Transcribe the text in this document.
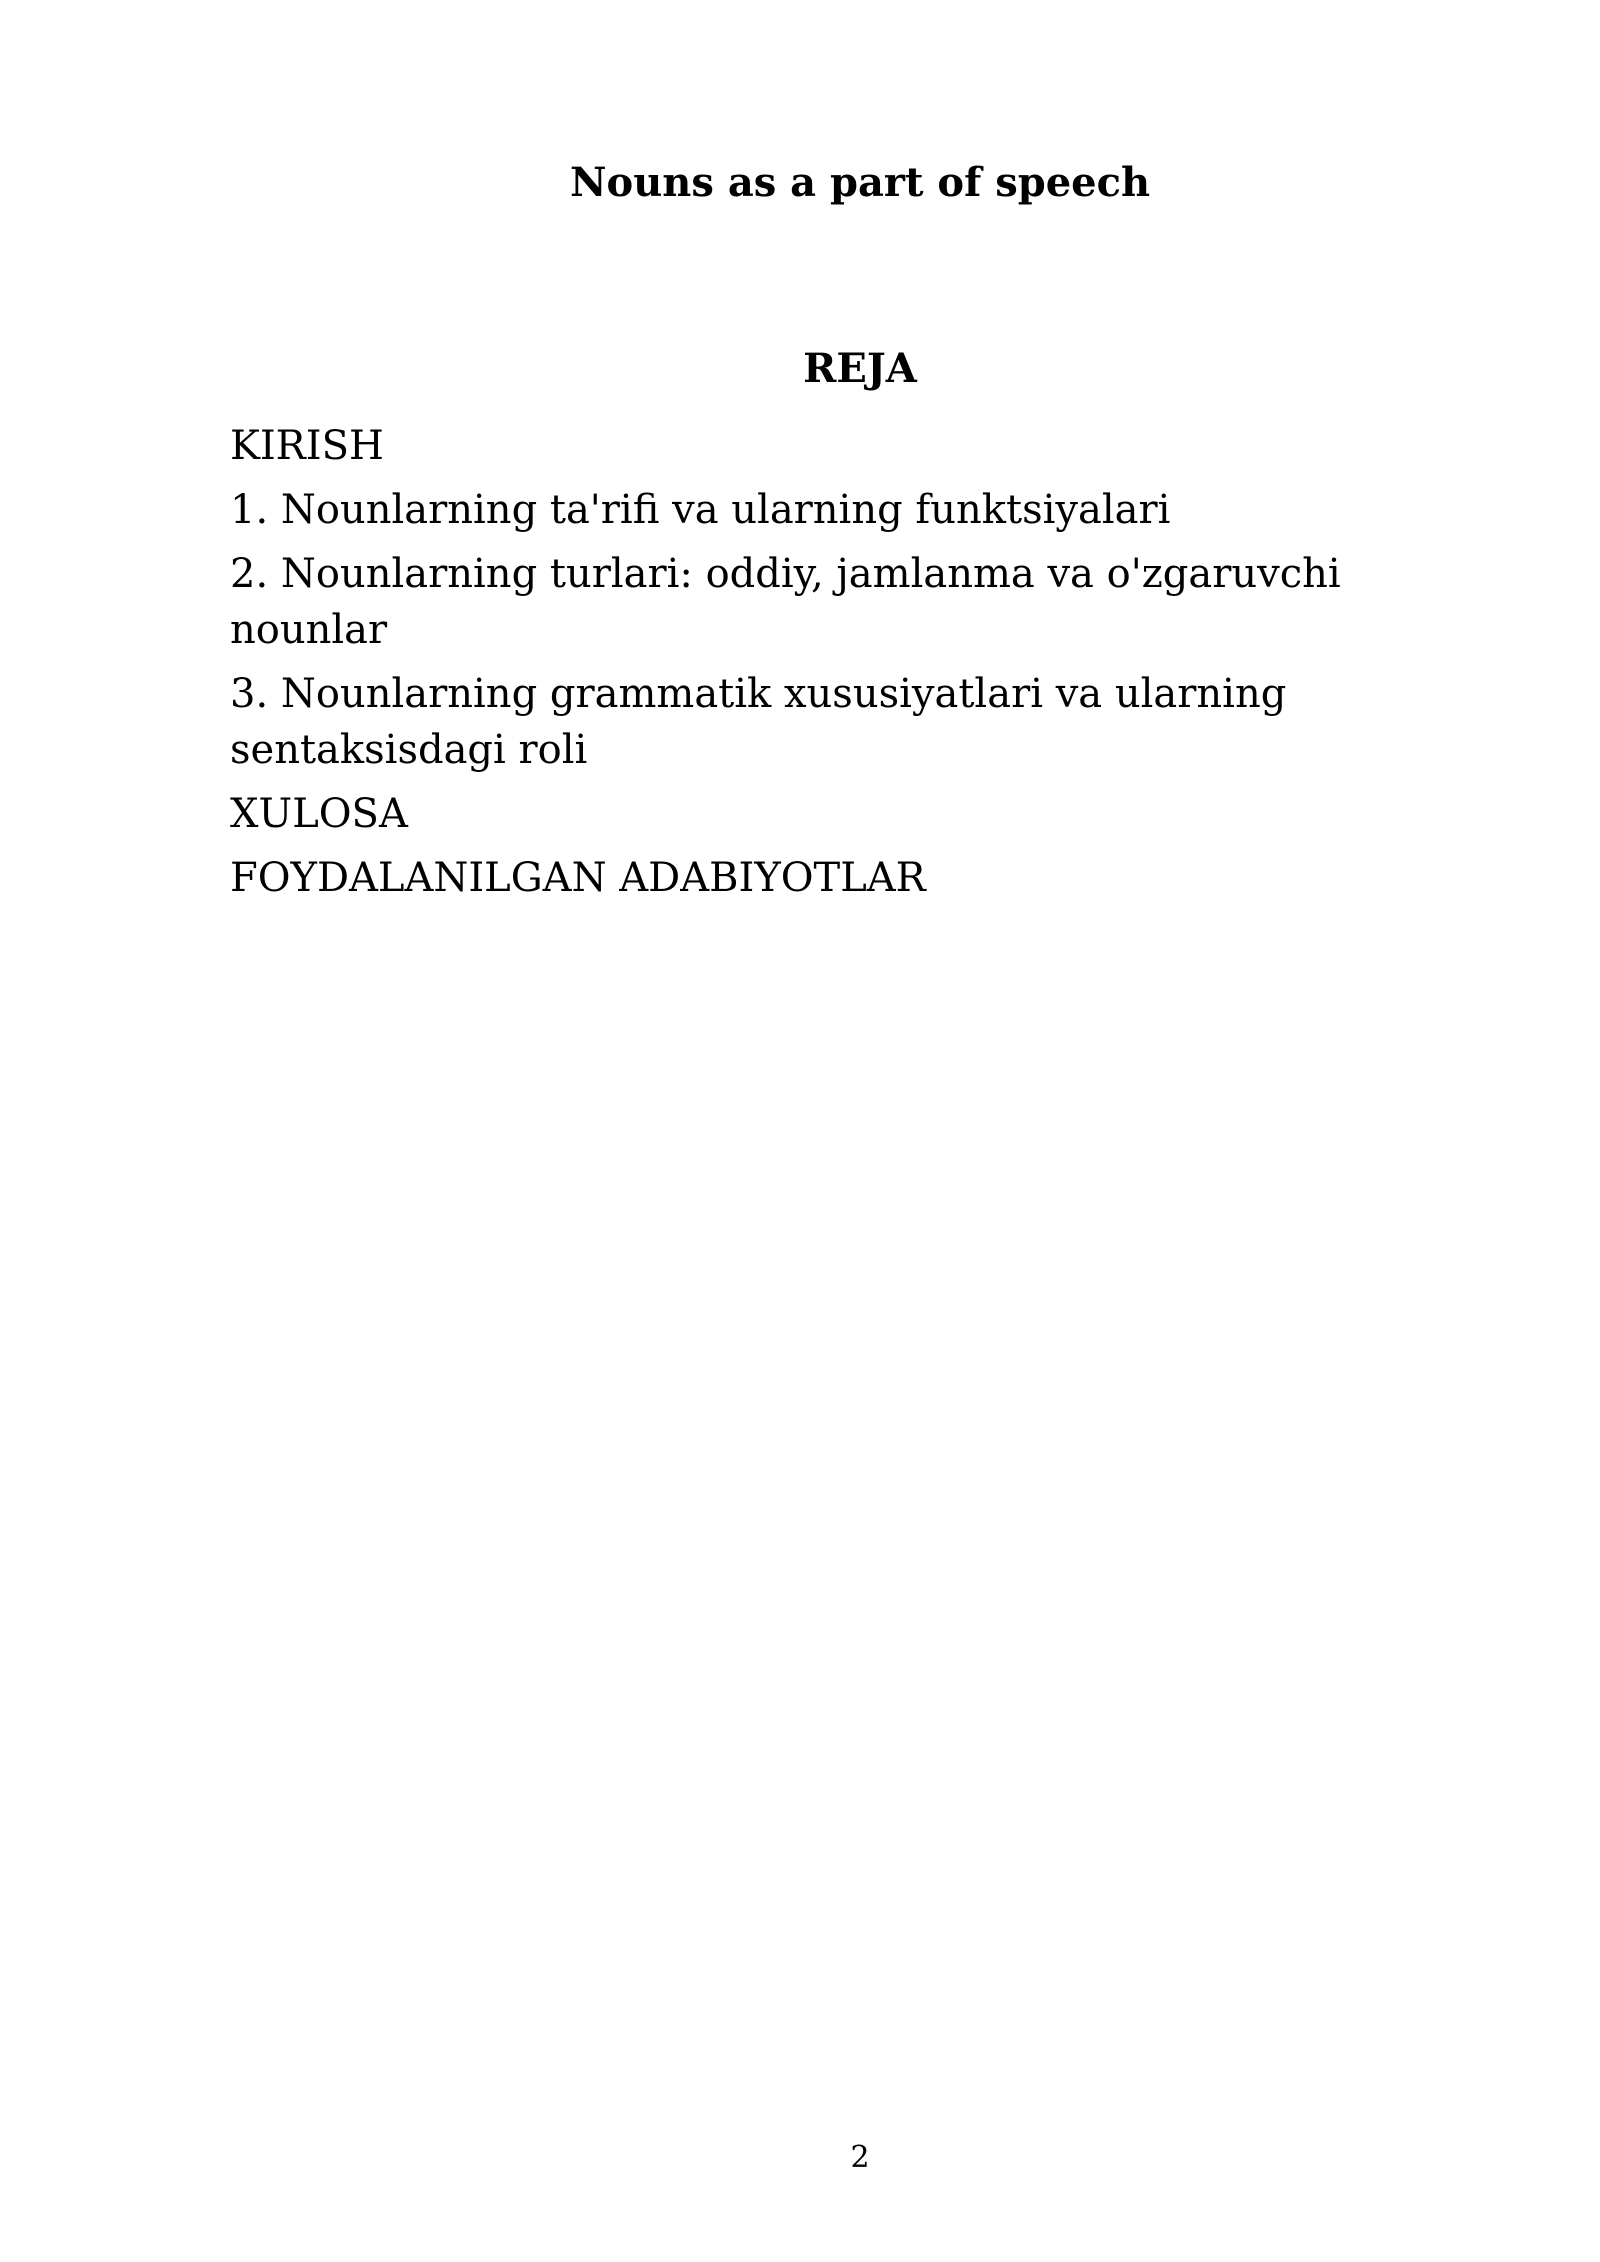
Nouns as a part of speech
REJA
KIRISH
1. Nounlarning ta'rifi va ularning funktsiyalari
2. Nounlarning turlari: oddiy, jamlanma va o'zgaruvchi nounlar
3. Nounlarning grammatik xususiyatlari va ularning sentaksisdagi roli
XULOSA
FOYDALANILGAN ADABIYOTLAR
2
